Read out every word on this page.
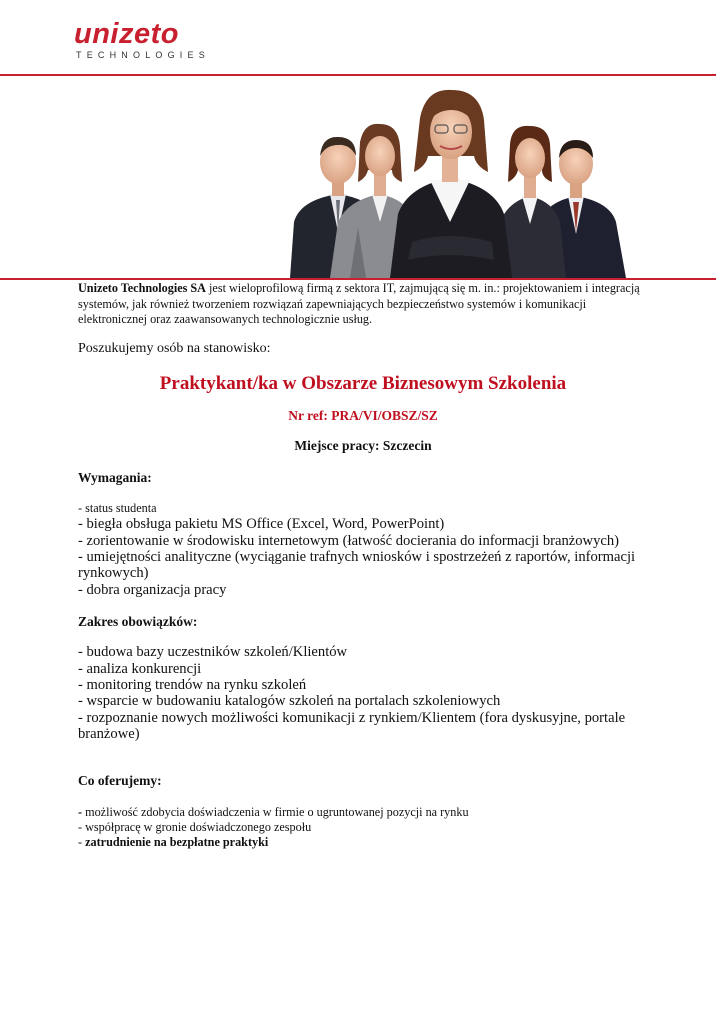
unizeto
TECHNOLOGIES

Unizeto Technologies SA jest wieloprofilową firmą z sektora IT, zajmującą się m. in.: projektowaniem i integracją systemów, jak również tworzeniem rozwiązań zapewniających bezpieczeństwo systemów i komunikacji elektronicznej oraz zaawansowanych technologicznie usług.

Poszukujemy osób na stanowisko:

Praktykant/ka w Obszarze Biznesowym Szkolenia

Nr ref: PRA/VI/OBSZ/SZ

Miejsce pracy: Szczecin

Wymagania:

- status studenta
- biegła obsługa pakietu MS Office (Excel, Word, PowerPoint)
- zorientowanie w środowisku internetowym (łatwość docierania do informacji branżowych)
- umiejętności analityczne (wyciąganie trafnych wniosków i spostrzeżeń z raportów, informacji rynkowych)
- dobra organizacja pracy

Zakres obowiązków:

- budowa bazy uczestników szkoleń/Klientów
- analiza konkurencji
- monitoring trendów na rynku szkoleń
- wsparcie w budowaniu katalogów szkoleń na portalach szkoleniowych
- rozpoznanie nowych możliwości komunikacji z rynkiem/Klientem (fora dyskusyjne, portale branżowe)

Co oferujemy:

- możliwość zdobycia doświadczenia w firmie o ugruntowanej pozycji na rynku
- współpracę w gronie doświadczonego zespołu
- zatrudnienie na bezpłatne praktyki
